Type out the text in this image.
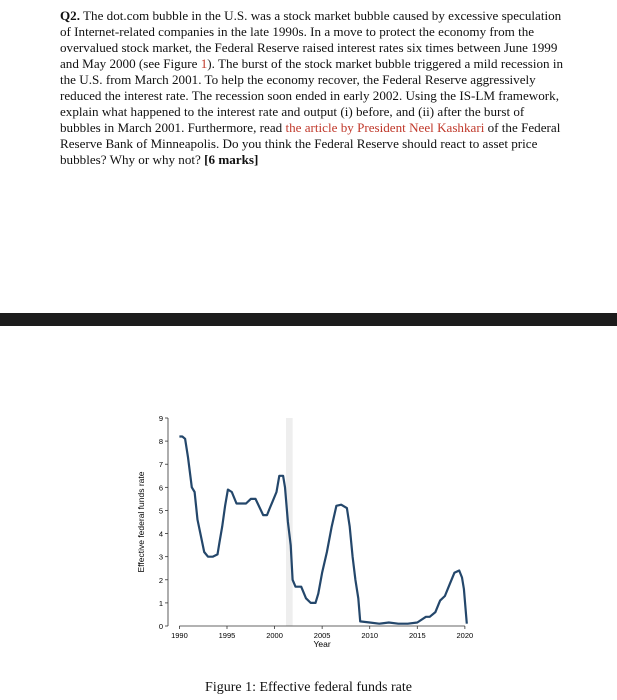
Q2. The dot.com bubble in the U.S. was a stock market bubble caused by excessive speculation of Internet-related companies in the late 1990s. In a move to protect the economy from the overvalued stock market, the Federal Reserve raised interest rates six times between June 1999 and May 2000 (see Figure 1). The burst of the stock market bubble triggered a mild recession in the U.S. from March 2001. To help the economy recover, the Federal Reserve aggressively reduced the interest rate. The recession soon ended in early 2002. Using the IS-LM framework, explain what happened to the interest rate and output (i) before, and (ii) after the burst of bubbles in March 2001. Furthermore, read the article by President Neel Kashkari of the Federal Reserve Bank of Minneapolis. Do you think the Federal Reserve should react to asset price bubbles? Why or why not? [6 marks]

0
1
2
3
4
5
6
7
8
9
1990	1995	2000	2005	2010	2015	2020
Year
Effective federal funds rate
Figure 1: Effective federal funds rate
